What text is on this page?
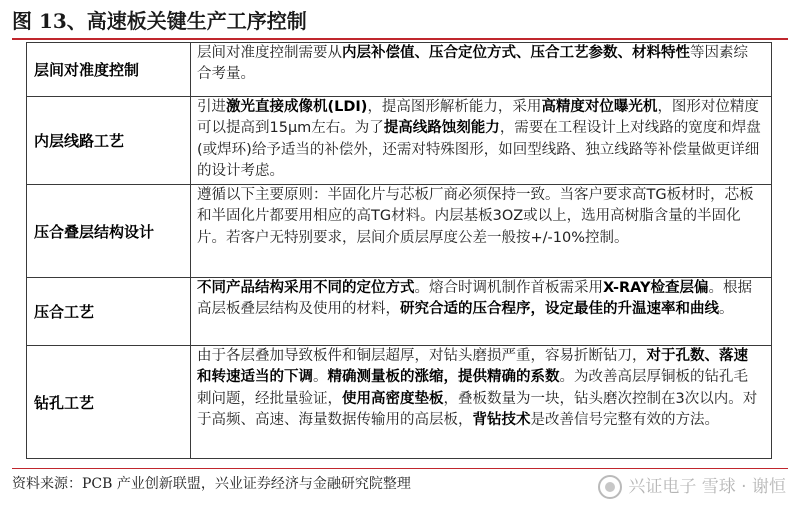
图 13、高速板关键生产工序控制
层间对准度控制	层间对准度控制需要从内层补偿值、压合定位方式、压合工艺参数、材料特性等因素综合考量。

内层线路工艺	引进激光直接成像机(LDI)，提高图形解析能力，采用高精度对位曝光机，图形对位精度可以提高到15μm左右。为了提高线路蚀刻能力，需要在工程设计上对线路的宽度和焊盘(或焊环)给予适当的补偿外，还需对特殊图形，如回型线路、独立线路等补偿量做更详细的设计考虑。

压合叠层结构设计	遵循以下主要原则：半固化片与芯板厂商必须保持一致。当客户要求高TG板材时，芯板和半固化片都要用相应的高TG材料。内层基板3OZ或以上，选用高树脂含量的半固化片。若客户无特别要求，层间介质层厚度公差一般按+/-10%控制。

压合工艺	不同产品结构采用不同的定位方式。熔合时调机制作首板需采用X-RAY检查层偏。根据高层板叠层结构及使用的材料，研究合适的压合程序，设定最佳的升温速率和曲线。

钻孔工艺	由于各层叠加导致板件和铜层超厚，对钻头磨损严重，容易折断钻刀，对于孔数、落速和转速适当的下调。精确测量板的涨缩，提供精确的系数。为改善高层厚铜板的钻孔毛刺问题，经批量验证，使用高密度垫板，叠板数量为一块，钻头磨次控制在3次以内。对于高频、高速、海量数据传输用的高层板，背钻技术是改善信号完整有效的方法。

资料来源：PCB 产业创新联盟，兴业证券经济与金融研究院整理	兴证电子 雪球 · 谢恒
